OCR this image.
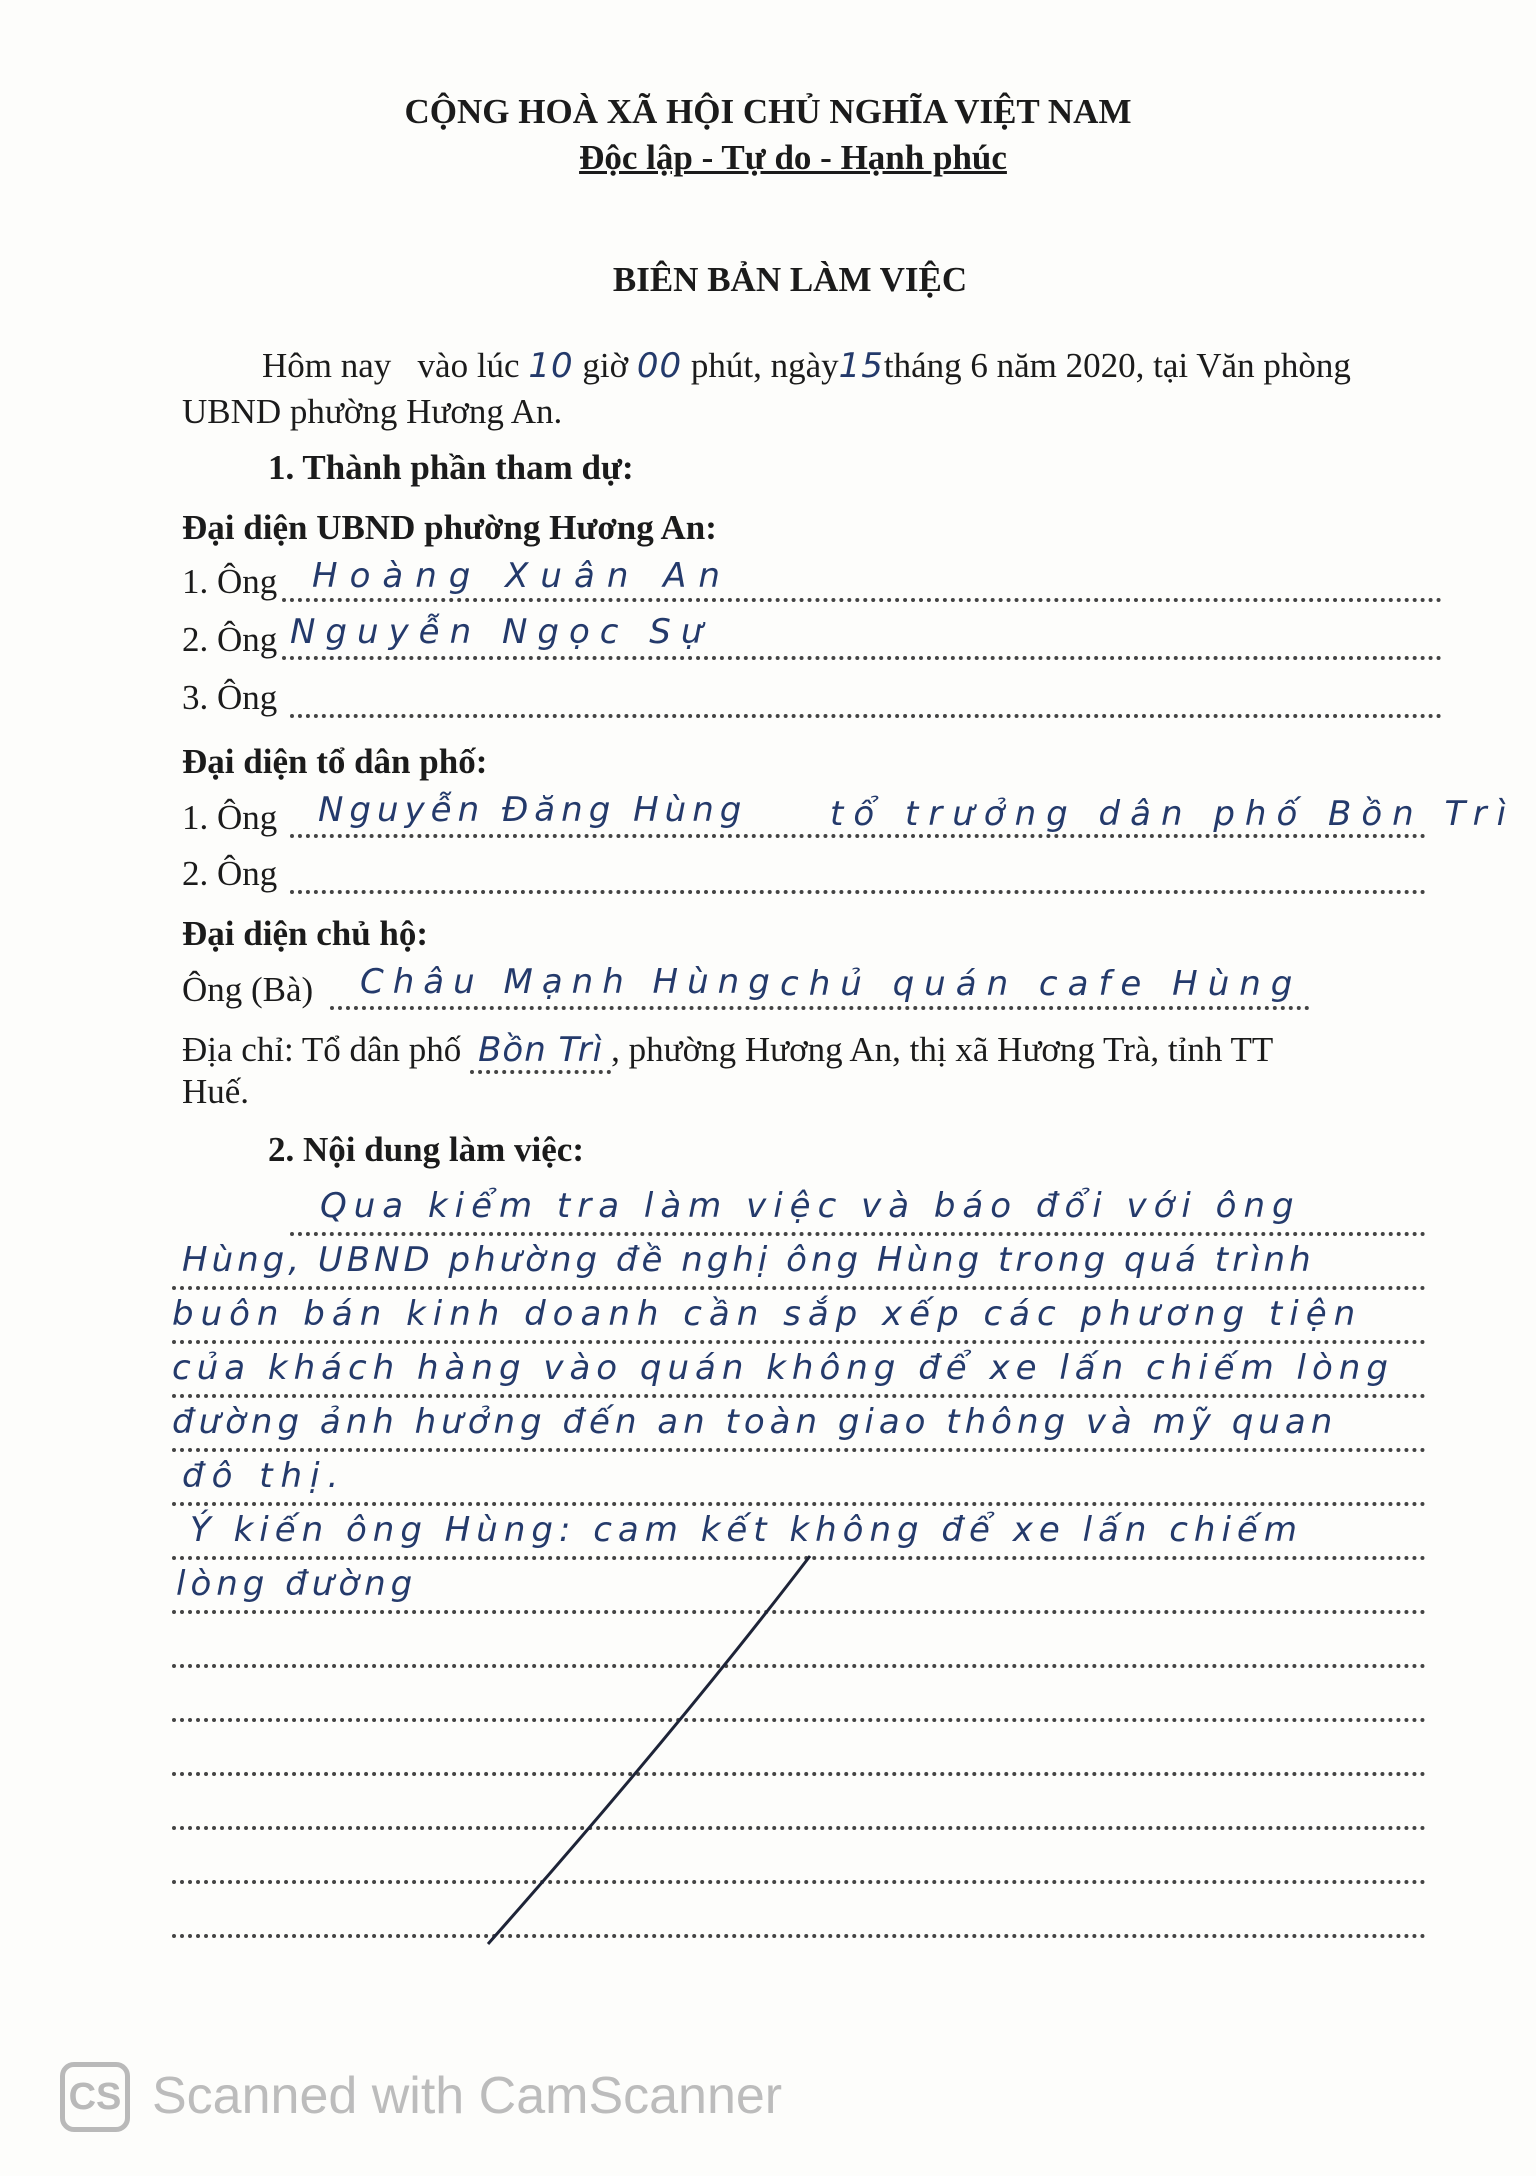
CỘNG HOÀ XÃ HỘI CHỦ NGHĨA VIỆT NAM
Độc lập - Tự do - Hạnh phúc
BIÊN BẢN LÀM VIỆC
Hôm nay vào lúc 10 giờ 00 phút, ngày15tháng 6 năm 2020, tại Văn phòng
UBND phường Hương An.
1. Thành phần tham dự:
Đại diện UBND phường Hương An:
1. Ông Hoàng Xuân An
2. Ông Nguyễn Ngọc Sự
3. Ông
Đại diện tổ dân phố:
1. Ông Nguyễn Đăng Hùng tổ trưởng dân phố Bồn Trì
2. Ông
Đại diện chủ hộ:
Ông (Bà) Châu Mạnh Hùng chủ quán cafe Hùng
Địa chỉ: Tổ dân phố Bồn Trì , phường Hương An, thị xã Hương Trà, tỉnh TT
Huế.
2. Nội dung làm việc:
Qua kiểm tra làm việc và báo đổi với ông
Hùng, UBND phường đề nghị ông Hùng trong quá trình
buôn bán kinh doanh cần sắp xếp các phương tiện
của khách hàng vào quán không để xe lấn chiếm lòng
đường ảnh hưởng đến an toàn giao thông và mỹ quan
đô thị.
Ý kiến ông Hùng: cam kết không để xe lấn chiếm
lòng đường
CS Scanned with CamScanner
